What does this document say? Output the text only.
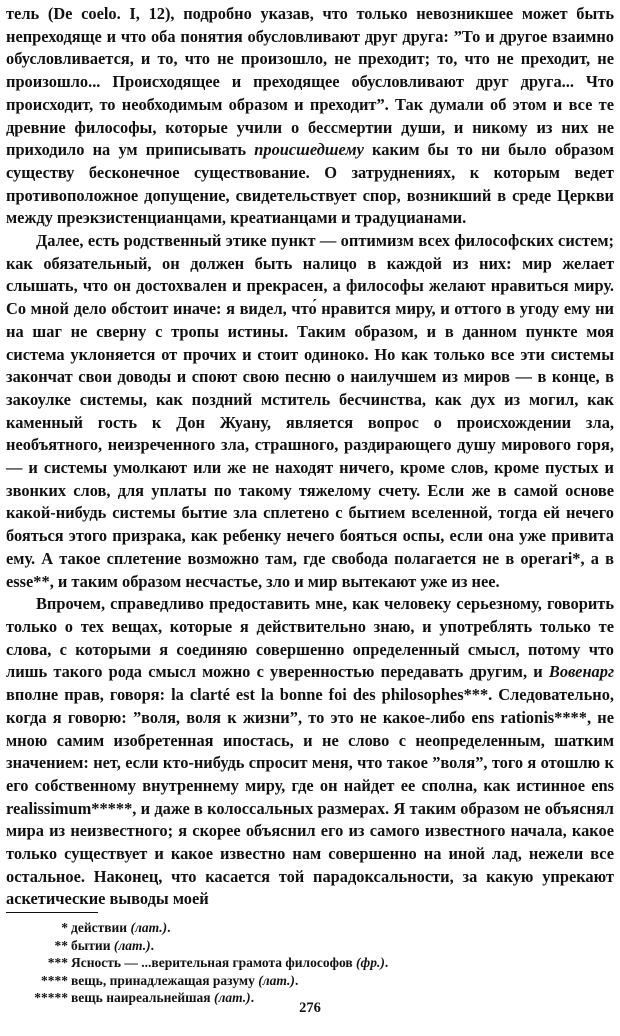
тель (De coelo. I, 12), подробно указав, что только невозникшее может быть непреходяще и что оба понятия обусловливают друг друга: ”То и другое взаимно обусловливается, и то, что не произошло, не преходит; то, что не преходит, не произошло... Происходящее и преходящее обусловливают друг друга... Что происходит, то необходимым образом и преходит”. Так думали об этом и все те древние философы, которые учили о бессмертии души, и никому из них не приходило на ум приписывать происшедшему каким бы то ни было образом существу бесконечное существование. О затруднениях, к которым ведет противоположное допущение, свидетельствует спор, возникший в среде Церкви между преэкзистенцианцами, креатианцами и традуцианами.

Далее, есть родственный этике пункт — оптимизм всех философских систем; как обязательный, он должен быть налицо в каждой из них: мир желает слышать, что он достохвален и прекрасен, а философы желают нравиться миру. Со мной дело обстоит иначе: я видел, что́ нравится миру, и оттого в угоду ему ни на шаг не сверну с тропы истины. Таким образом, и в данном пункте моя система уклоняется от прочих и стоит одиноко. Но как только все эти системы закончат свои доводы и споют свою песню о наилучшем из миров — в конце, в закоулке системы, как поздний мститель бесчинства, как дух из могил, как каменный гость к Дон Жуану, является вопрос о происхождении зла, необъятного, неизреченного зла, страшного, раздирающего душу мирового горя, — и системы умолкают или же не находят ничего, кроме слов, кроме пустых и звонких слов, для уплаты по такому тяжелому счету. Если же в самой основе какой-нибудь системы бытие зла сплетено с бытием вселенной, тогда ей нечего бояться этого призрака, как ребенку нечего бояться оспы, если она уже привита ему. А такое сплетение возможно там, где свобода полагается не в operari*, а в esse**, и таким образом несчастье, зло и мир вытекают уже из нее.

Впрочем, справедливо предоставить мне, как человеку серьезному, говорить только о тех вещах, которые я действительно знаю, и употреблять только те слова, с которыми я соединяю совершенно определенный смысл, потому что лишь такого рода смысл можно с уверенностью передавать другим, и Вовенарг вполне прав, говоря: la clarté est la bonne foi des philosophes***. Следовательно, когда я говорю: ”воля, воля к жизни”, то это не какое-либо ens rationis****, не мною самим изобретенная ипостась, и не слово с неопределенным, шатким значением: нет, если кто-нибудь спросит меня, что такое ”воля”, того я отошлю к его собственному внутреннему миру, где он найдет ее сполна, как истинное ens realissimum*****, и даже в колоссальных размерах. Я таким образом не объяснял мира из неизвестного; я скорее объяснил его из самого известного начала, какое только существует и какое известно нам совершенно на иной лад, нежели все остальное. Наконец, что касается той парадоксальности, за какую упрекают аскетические выводы моей

* действии (лат.).
** бытии (лат.).
*** Ясность — ...верительная грамота философов (фр.).
**** вещь, принадлежащая разуму (лат.).
***** вещь наиреальнейшая (лат.).
276
